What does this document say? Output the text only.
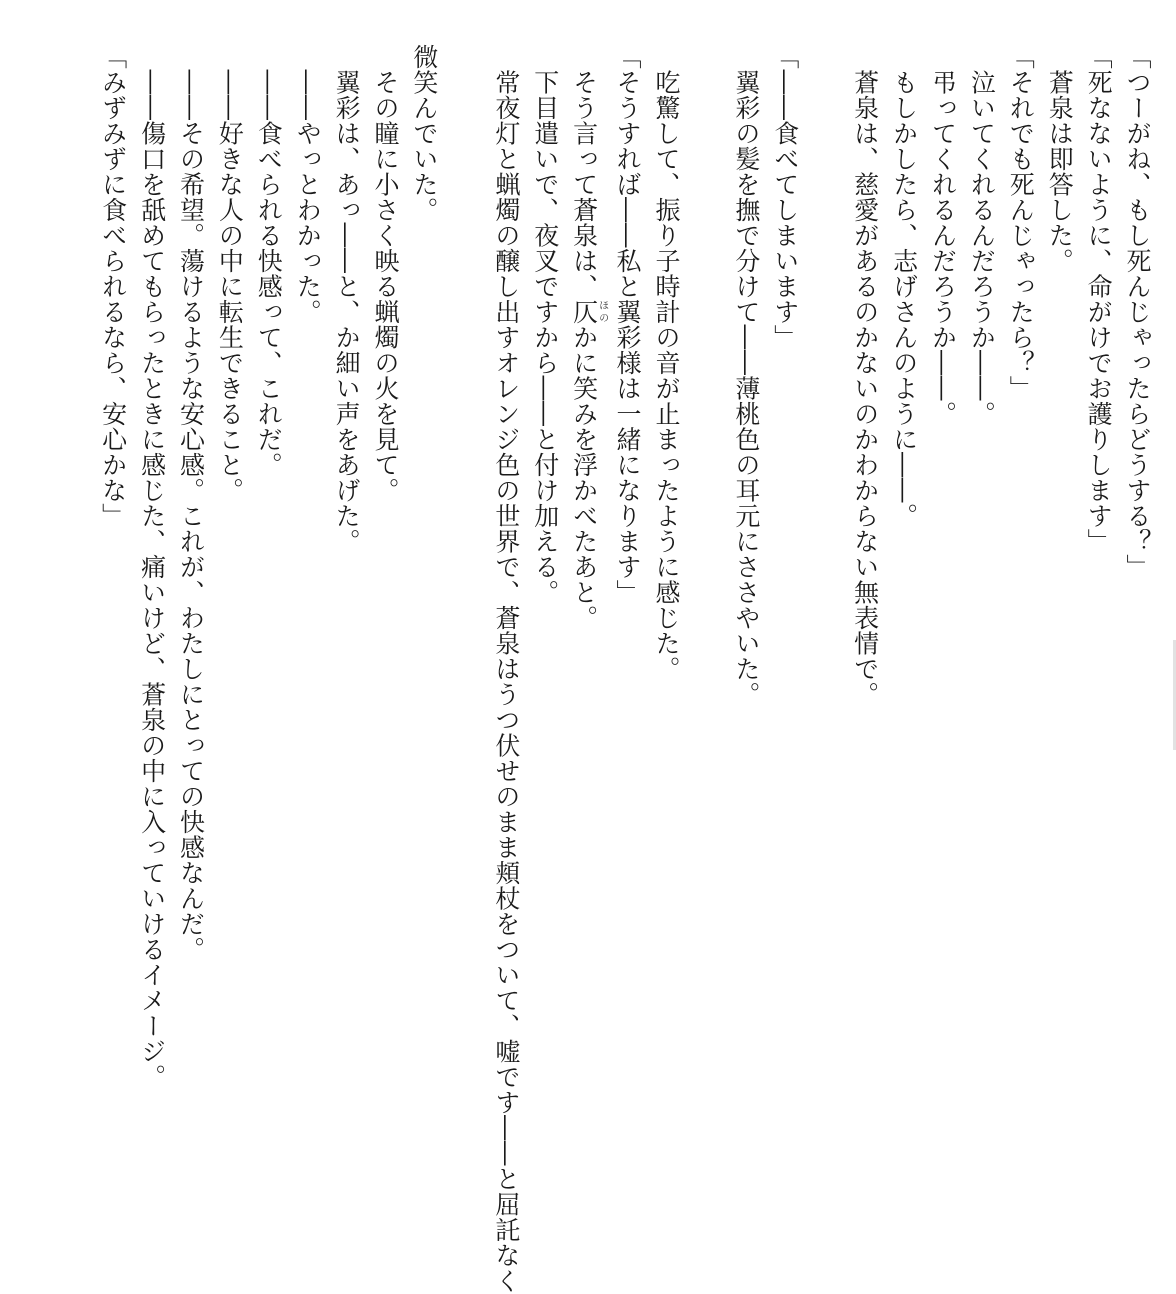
「つーがね、もし死んじゃったらどうする？」
「死なないように、命がけでお護りします」
　蒼泉は即答した。
「それでも死んじゃったら？」
　泣いてくれるんだろうか――。
　弔ってくれるんだろうか――。
　もしかしたら、志げさんのように――。
　蒼泉は、慈愛があるのかないのかわからない無表情で。
「――食べてしまいます」
　翼彩の髪を撫で分けて――薄桃色の耳元にささやいた。
　吃驚して、振り子時計の音が止まったように感じた。
「そうすれば――私と翼彩様は一緒になります」
　そう言って蒼泉は、仄ほのかに笑みを浮かべたあと。
　下目遣いで、夜叉ですから――と付け加える。
　常夜灯と蝋燭の醸し出すオレンジ色の世界で、蒼泉はうつ伏せのまま頬杖をついて、嘘です――と屈託なく
微笑んでいた。
　その瞳に小さく映る蝋燭の火を見て。
　翼彩は、あっ――と、か細い声をあげた。
　――やっとわかった。
　――食べられる快感って、これだ。
　――好きな人の中に転生できること。
　――その希望。蕩けるような安心感。これが、わたしにとっての快感なんだ。
　――傷口を舐めてもらったときに感じた、痛いけど、蒼泉の中に入っていけるイメージ。
「みずみずに食べられるなら、安心かな」
